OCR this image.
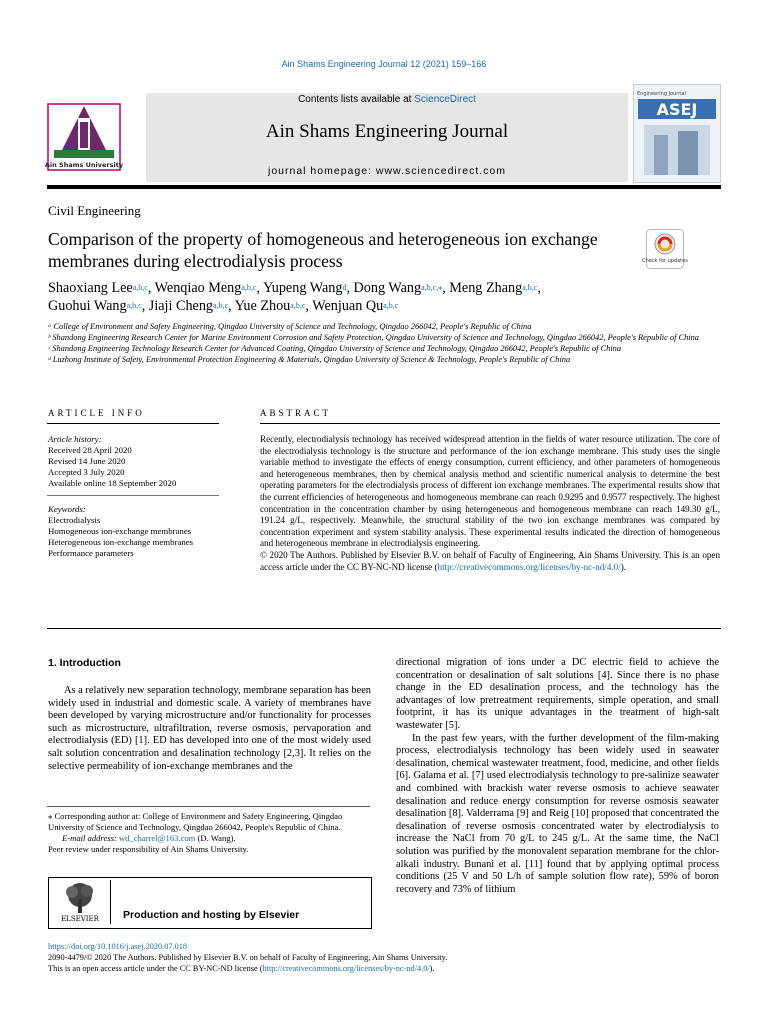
Ain Shams Engineering Journal 12 (2021) 159–166
Contents lists available at ScienceDirect
Ain Shams Engineering Journal
journal homepage: www.sciencedirect.com
Ain Shams University
Engineering Journal
ASEJ
Civil Engineering
Comparison of the property of homogeneous and heterogeneous ion exchange membranes during electrodialysis process	Check for updates
Shaoxiang Lee$^{a,b,c}$, Wenqiao Meng$^{a,b,c}$, Yupeng Wang$^d$, Dong Wang$^{a,b,c,⁎}$, Meng Zhang$^{a,b,c}$,
Guohui Wang$^{a,b,c}$, Jiaji Cheng$^{a,b,c}$, Yue Zhou$^{a,b,c}$, Wenjuan Qu$^{a,b,c}$
ᵃ College of Environment and Safety Engineering, Qingdao University of Science and Technology, Qingdao 266042, People's Republic of China
ᵇ Shandong Engineering Research Center for Marine Environment Corrosion and Safety Protection, Qingdao University of Science and Technology, Qingdao 266042, People's Republic of China
ᶜ Shandong Engineering Technology Research Center for Advanced Coating, Qingdao University of Science and Technology, Qingdao 266042, People's Republic of China
ᵈ Luzhong Institute of Safety, Environmental Protection Engineering & Materials, Qingdao University of Science & Technology, People's Republic of China
ARTICLE INFO	ABSTRACT
Article history:
Received 28 April 2020
Revised 14 June 2020
Accepted 3 July 2020
Available online 18 September 2020
Keywords:
Electrodialysis
Homogeneous ion-exchange membranes
Heterogeneous ion-exchange membranes
Performance parameters

Recently, electrodialysis technology has received widespread attention in the fields of water resource utilization. The core of the electrodialysis technology is the structure and performance of the ion exchange membrane. This study uses the single variable method to investigate the effects of energy consumption, current efficiency, and other parameters of homogeneous and heterogeneous membranes, then by chemical analysis method and scientific numerical analysis to determine the best operating parameters for the electrodialysis process of different ion exchange membranes. The experimental results show that the current efficiencies of heterogeneous and homogeneous membrane can reach 0.9295 and 0.9577 respectively. The highest concentration in the concentration chamber by using heterogeneous and homogeneous membrane can reach 149.30 g/L, 191.24 g/L, respectively. Meanwhile, the structural stability of the two ion exchange membranes was compared by concentration experiment and system stability analysis. These experimental results indicated the direction of homogeneous and heterogeneous membrane in electrodialysis engineering.

© 2020 The Authors. Published by Elsevier B.V. on behalf of Faculty of Engineering, Ain Shams University. This is an open access article under the CC BY-NC-ND license (http://creativecommons.org/licenses/by-nc-nd/4.0/).

1. Introduction

As a relatively new separation technology, membrane separation has been widely used in industrial and domestic scale. A variety of membranes have been developed by varying microstructure and/or functionality for processes such as microstructure, ultrafiltration, reverse osmosis, pervaporation and electrodialysis (ED) [1]. ED has developed into one of the most widely used salt solution concentration and desalination technology [2,3]. It relies on the selective permeability of ion-exchange membranes and the

directional migration of ions under a DC electric field to achieve the concentration or desalination of salt solutions [4]. Since there is no phase change in the ED desalination process, and the technology has the advantages of low pretreatment requirements, simple operation, and small footprint, it has its unique advantages in the treatment of high-salt wastewater [5].

In the past few years, with the further development of the film-making process, electrodialysis technology has been widely used in seawater desalination, chemical wastewater treatment, food, medicine, and other fields [6]. Galama et al. [7] used electrodialysis technology to pre-salinize seawater and combined with brackish water reverse osmosis to achieve seawater desalination and reduce energy consumption for reverse osmosis seawater desalination [8]. Valderrama [9] and Reig [10] proposed that concentrated the desalination of reverse osmosis concentrated water by electrodialysis to increase the NaCl from 70 g/L to 245 g/L. At the same time, the NaCl solution was purified by the monovalent separation membrane for the chlor-alkali industry. Bunani et al. [11] found that by applying optimal process conditions (25 V and 50 L/h of sample solution flow rate), 59% of boron recovery and 73% of lithium

⁎ Corresponding author at: College of Environment and Safety Engineering, Qingdao University of Science and Technology, Qingdao 266042, People's Republic of China.
E-mail address: wd_charrel@163.com (D. Wang).
Peer review under responsibility of Ain Shams University.
ELSEVIER Production and hosting by Elsevier
https://doi.org/10.1016/j.asej.2020.07.018
2090-4479/© 2020 The Authors. Published by Elsevier B.V. on behalf of Faculty of Engineering, Ain Shams University.
This is an open access article under the CC BY-NC-ND license (http://creativecommons.org/licenses/by-nc-nd/4.0/).
